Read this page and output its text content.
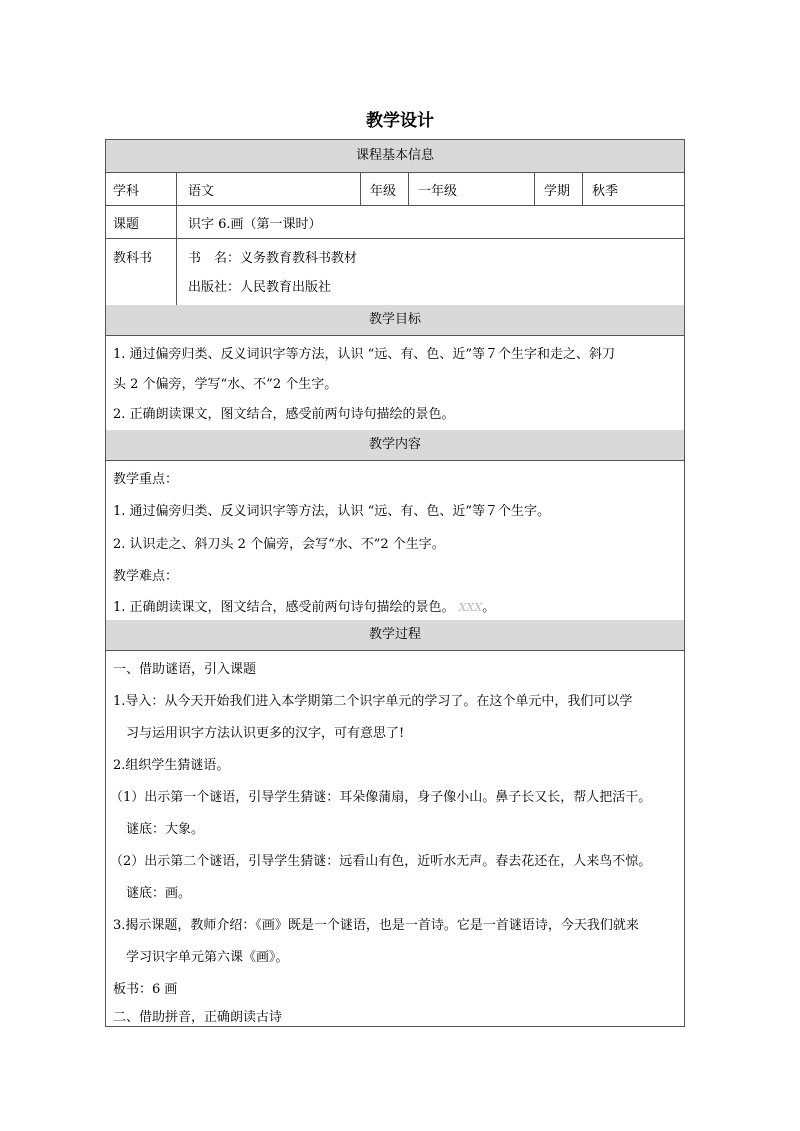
教学设计
课程基本信息
学科	语文	年级 一年级	学期 秋季
课题	识字 6.画（第一课时）
教科书	书　名：义务教育教科书教材
出版社：人民教育出版社
教学目标
1. 通过偏旁归类、反义词识字等方法，认识 “远、有、色、近”等７个生字和走之、斜刀
头 2 个偏旁，学写“水、不”2 个生字。
2. 正确朗读课文，图文结合，感受前两句诗句描绘的景色。
教学内容
教学重点：
1. 通过偏旁归类、反义词识字等方法，认识 “远、有、色、近”等７个生字。
2. 认识走之、斜刀头 2 个偏旁，会写“水、不”2 个生字。
教学难点：
1. 正确朗读课文，图文结合，感受前两句诗句描绘的景色。 XXX。
教学过程
一、借助谜语，引入课题
1.导入：从今天开始我们进入本学期第二个识字单元的学习了。在这个单元中，我们可以学
习与运用识字方法认识更多的汉字，可有意思了!
2.组织学生猜谜语。
（1）出示第一个谜语，引导学生猜谜：耳朵像蒲扇，身子像小山。鼻子长又长，帮人把活干。
谜底：大象。
（2）出示第二个谜语，引导学生猜谜：远看山有色，近听水无声。春去花还在，人来鸟不惊。
谜底：画。
3.揭示课题，教师介绍：《画》既是一个谜语，也是一首诗。它是一首谜语诗，今天我们就来
学习识字单元第六课《画》。
板书：6 画
二、借助拼音，正确朗读古诗
